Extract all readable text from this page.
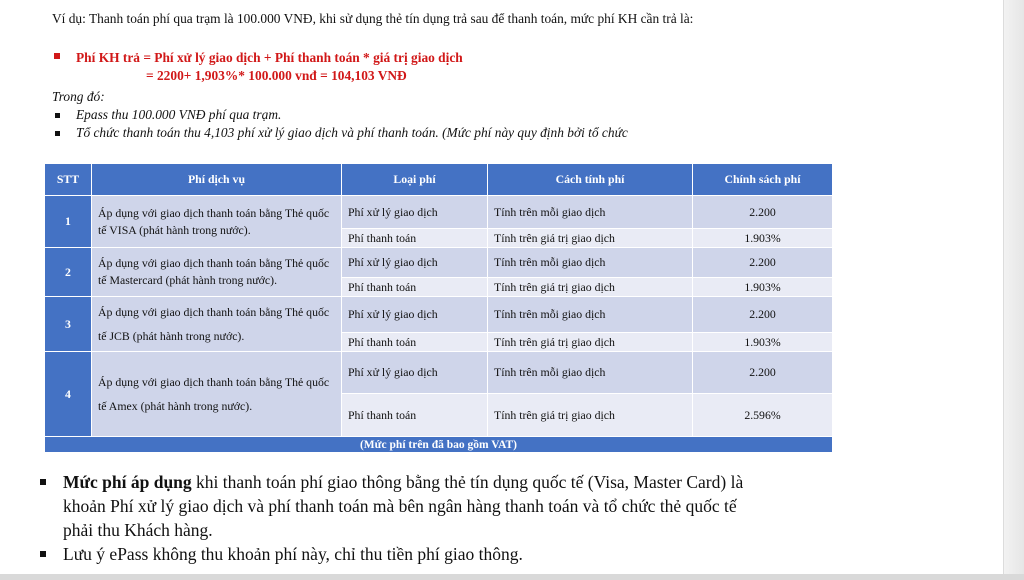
Ví dụ: Thanh toán phí qua trạm là 100.000 VNĐ, khi sử dụng thẻ tín dụng trả sau để thanh toán, mức phí KH cần trả là:
Phí KH trả = Phí xử lý giao dịch + Phí thanh toán * giá trị giao dịch
= 2200+ 1,903%* 100.000 vnđ = 104,103 VNĐ
Trong đó:
Epass thu 100.000 VNĐ phí qua trạm.
Tổ chức thanh toán thu 4,103 phí xử lý giao dịch và phí thanh toán. (Mức phí này quy định bởi tổ chức
STT	Phí dịch vụ	Loại phí	Cách tính phí	Chính sách phí
1	Áp dụng với giao dịch thanh toán bằng Thẻ quốc tế VISA (phát hành trong nước).	Phí xử lý giao dịch	Tính trên mỗi giao dịch	2.200
		Phí thanh toán	Tính trên giá trị giao dịch	1.903%
2	Áp dụng với giao dịch thanh toán bằng Thẻ quốc tế Mastercard (phát hành trong nước).	Phí xử lý giao dịch	Tính trên mỗi giao dịch	2.200
		Phí thanh toán	Tính trên giá trị giao dịch	1.903%
3	Áp dụng với giao dịch thanh toán bằng Thẻ quốc tế JCB (phát hành trong nước).	Phí xử lý giao dịch	Tính trên mỗi giao dịch	2.200
		Phí thanh toán	Tính trên giá trị giao dịch	1.903%
4	Áp dụng với giao dịch thanh toán bằng Thẻ quốc tế Amex (phát hành trong nước).	Phí xử lý giao dịch	Tính trên mỗi giao dịch	2.200
		Phí thanh toán	Tính trên giá trị giao dịch	2.596%
(Mức phí trên đã bao gồm VAT)				
Mức phí áp dụng khi thanh toán phí giao thông bằng thẻ tín dụng quốc tế (Visa, Master Card) là khoản Phí xử lý giao dịch và phí thanh toán mà bên ngân hàng thanh toán và tổ chức thẻ quốc tế phải thu Khách hàng.
Lưu ý ePass không thu khoản phí này, chỉ thu tiền phí giao thông.
